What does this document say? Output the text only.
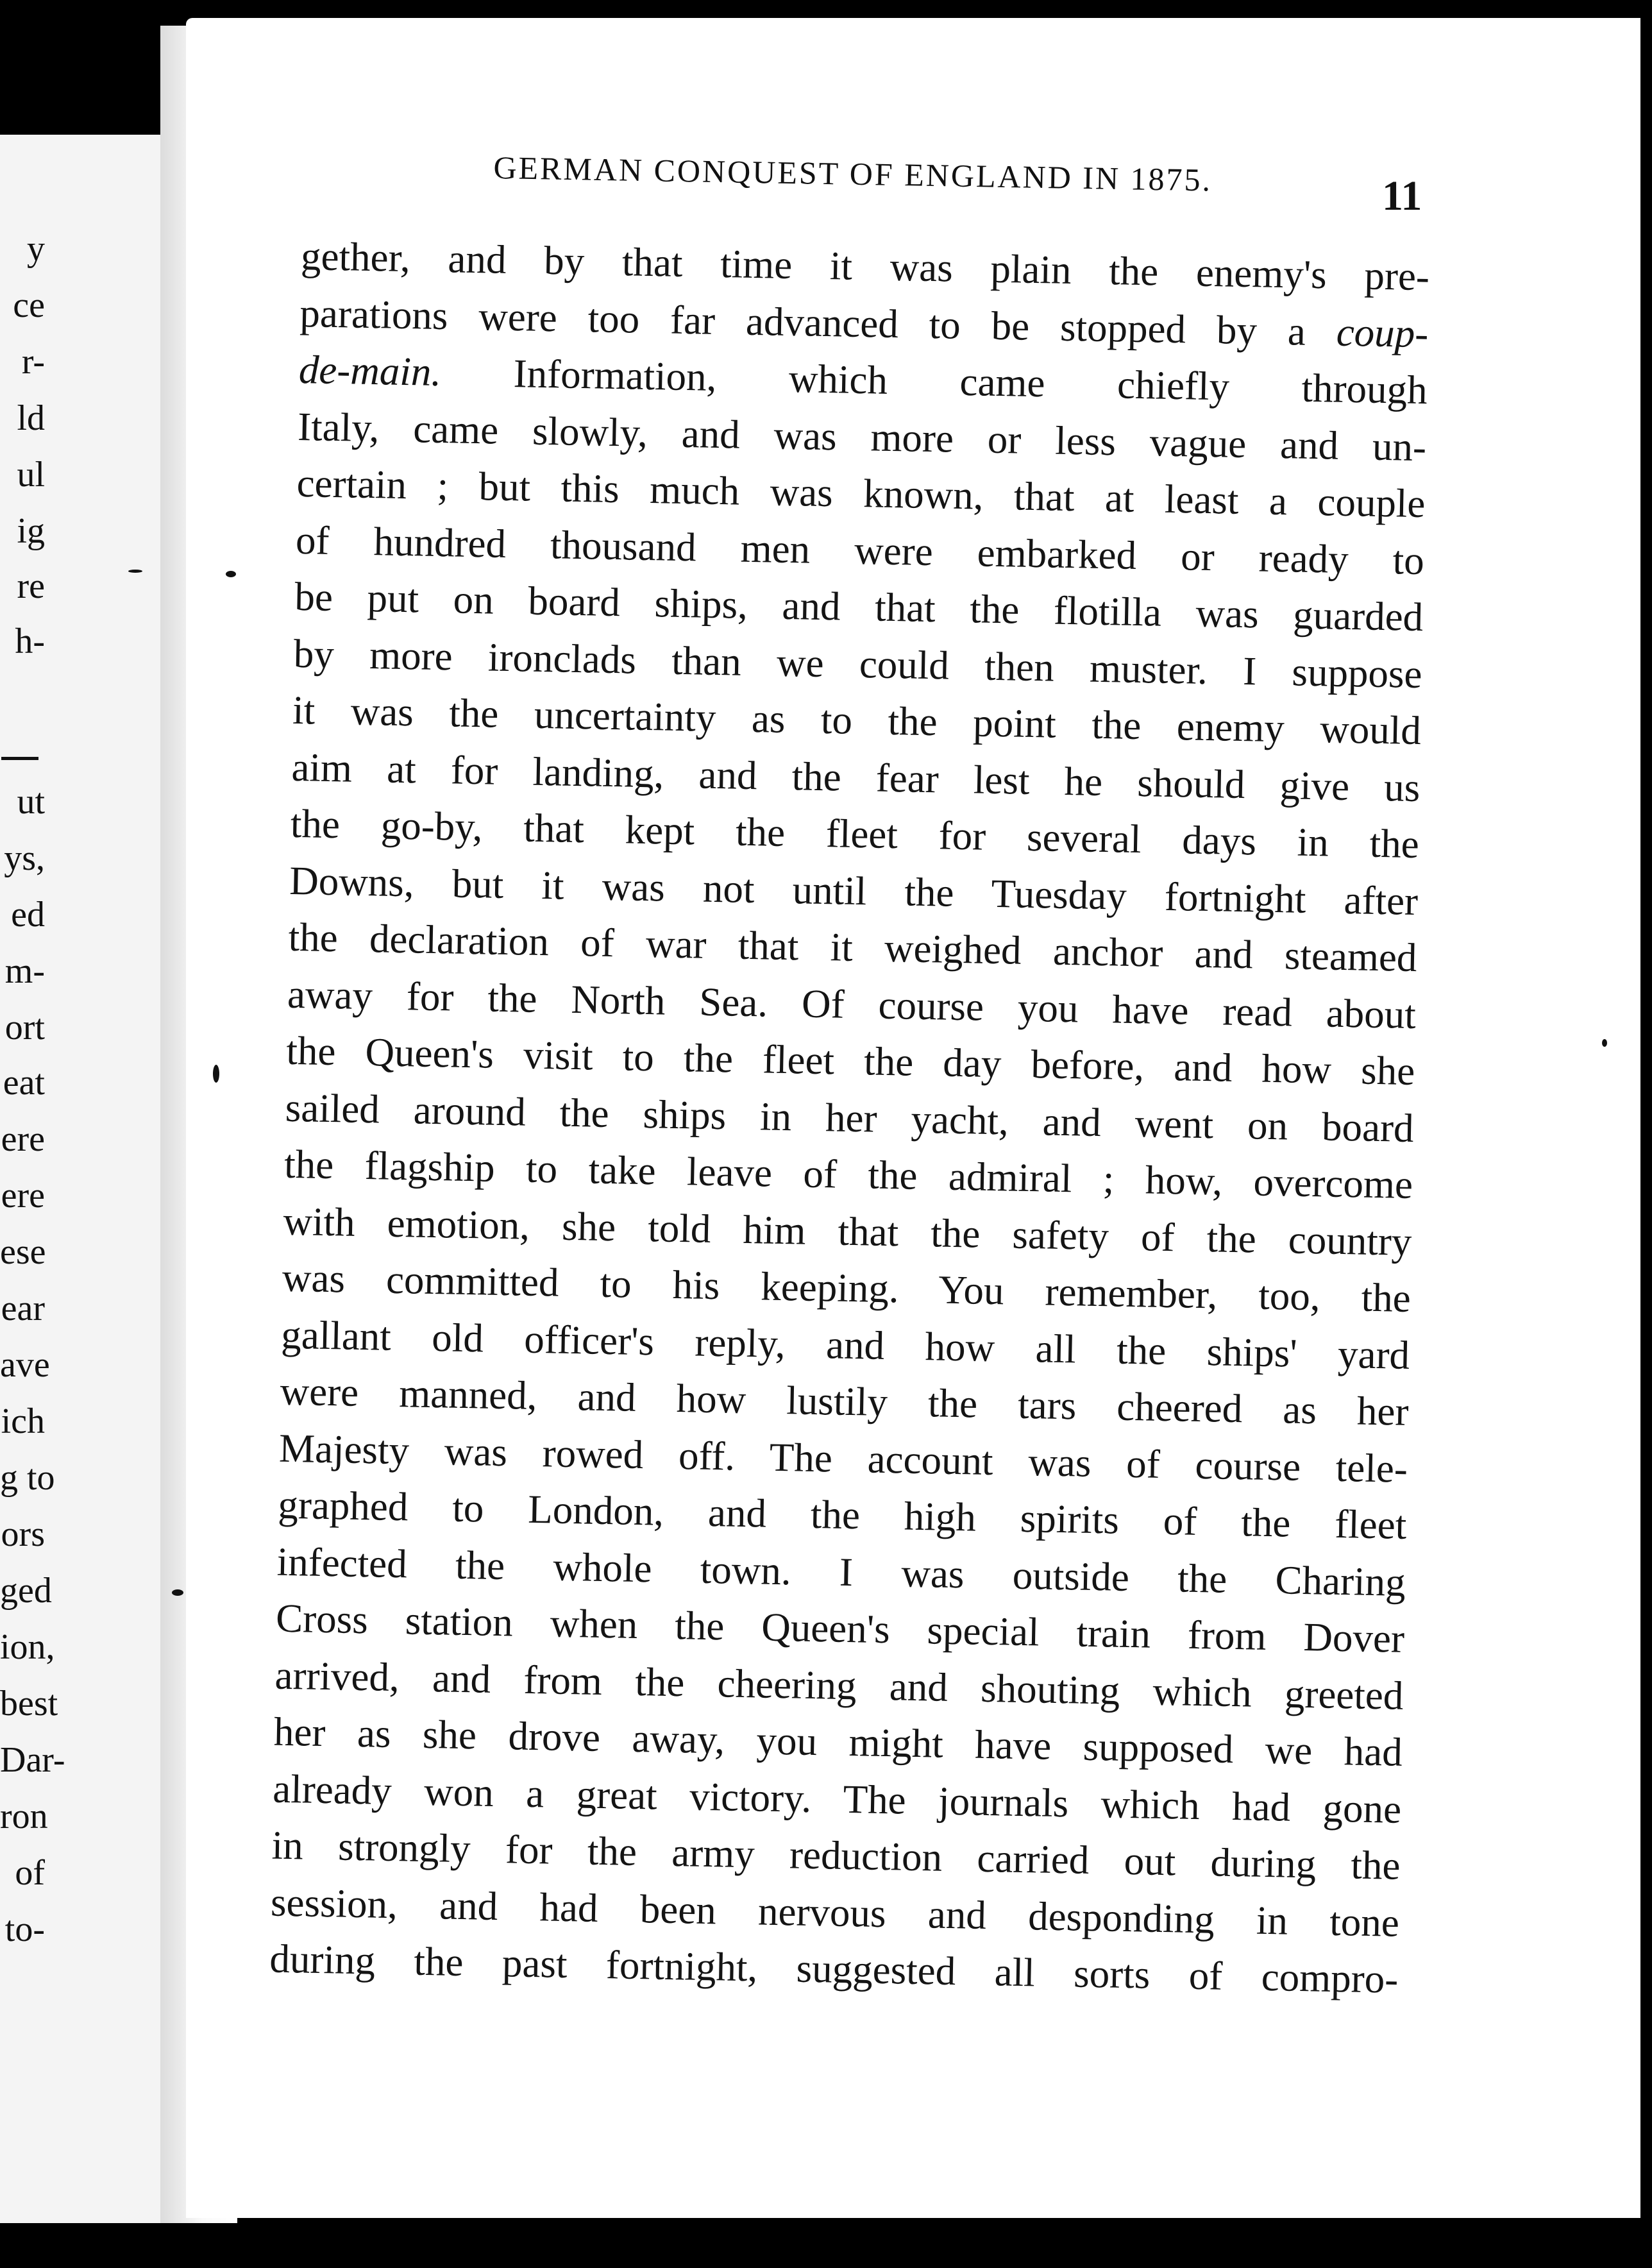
y
ce
r-
ld
ul
ig
re
h-
ut
ys,
ed
m-
ort
eat
ere
ere
ese
ear
ave
ich
g to
ors
ged
ion,
best
Dar-
ron
of
to-
GERMAN CONQUEST OF ENGLAND IN 1875.	11
gether, and by that time it was plain the enemy's pre-
parations were too far advanced to be stopped by a coup-
de-main. Information, which came chiefly through
Italy, came slowly, and was more or less vague and un-
certain ; but this much was known, that at least a couple
of hundred thousand men were embarked or ready to
be put on board ships, and that the flotilla was guarded
by more ironclads than we could then muster. I suppose
it was the uncertainty as to the point the enemy would
aim at for landing, and the fear lest he should give us
the go-by, that kept the fleet for several days in the
Downs, but it was not until the Tuesday fortnight after
the declaration of war that it weighed anchor and steamed
away for the North Sea. Of course you have read about
the Queen's visit to the fleet the day before, and how she
sailed around the ships in her yacht, and went on board
the flagship to take leave of the admiral ; how, overcome
with emotion, she told him that the safety of the country
was committed to his keeping. You remember, too, the
gallant old officer's reply, and how all the ships' yard
were manned, and how lustily the tars cheered as her
Majesty was rowed off. The account was of course tele-
graphed to London, and the high spirits of the fleet
infected the whole town. I was outside the Charing
Cross station when the Queen's special train from Dover
arrived, and from the cheering and shouting which greeted
her as she drove away, you might have supposed we had
already won a great victory. The journals which had gone
in strongly for the army reduction carried out during the
session, and had been nervous and desponding in tone
during the past fortnight, suggested all sorts of compro-
